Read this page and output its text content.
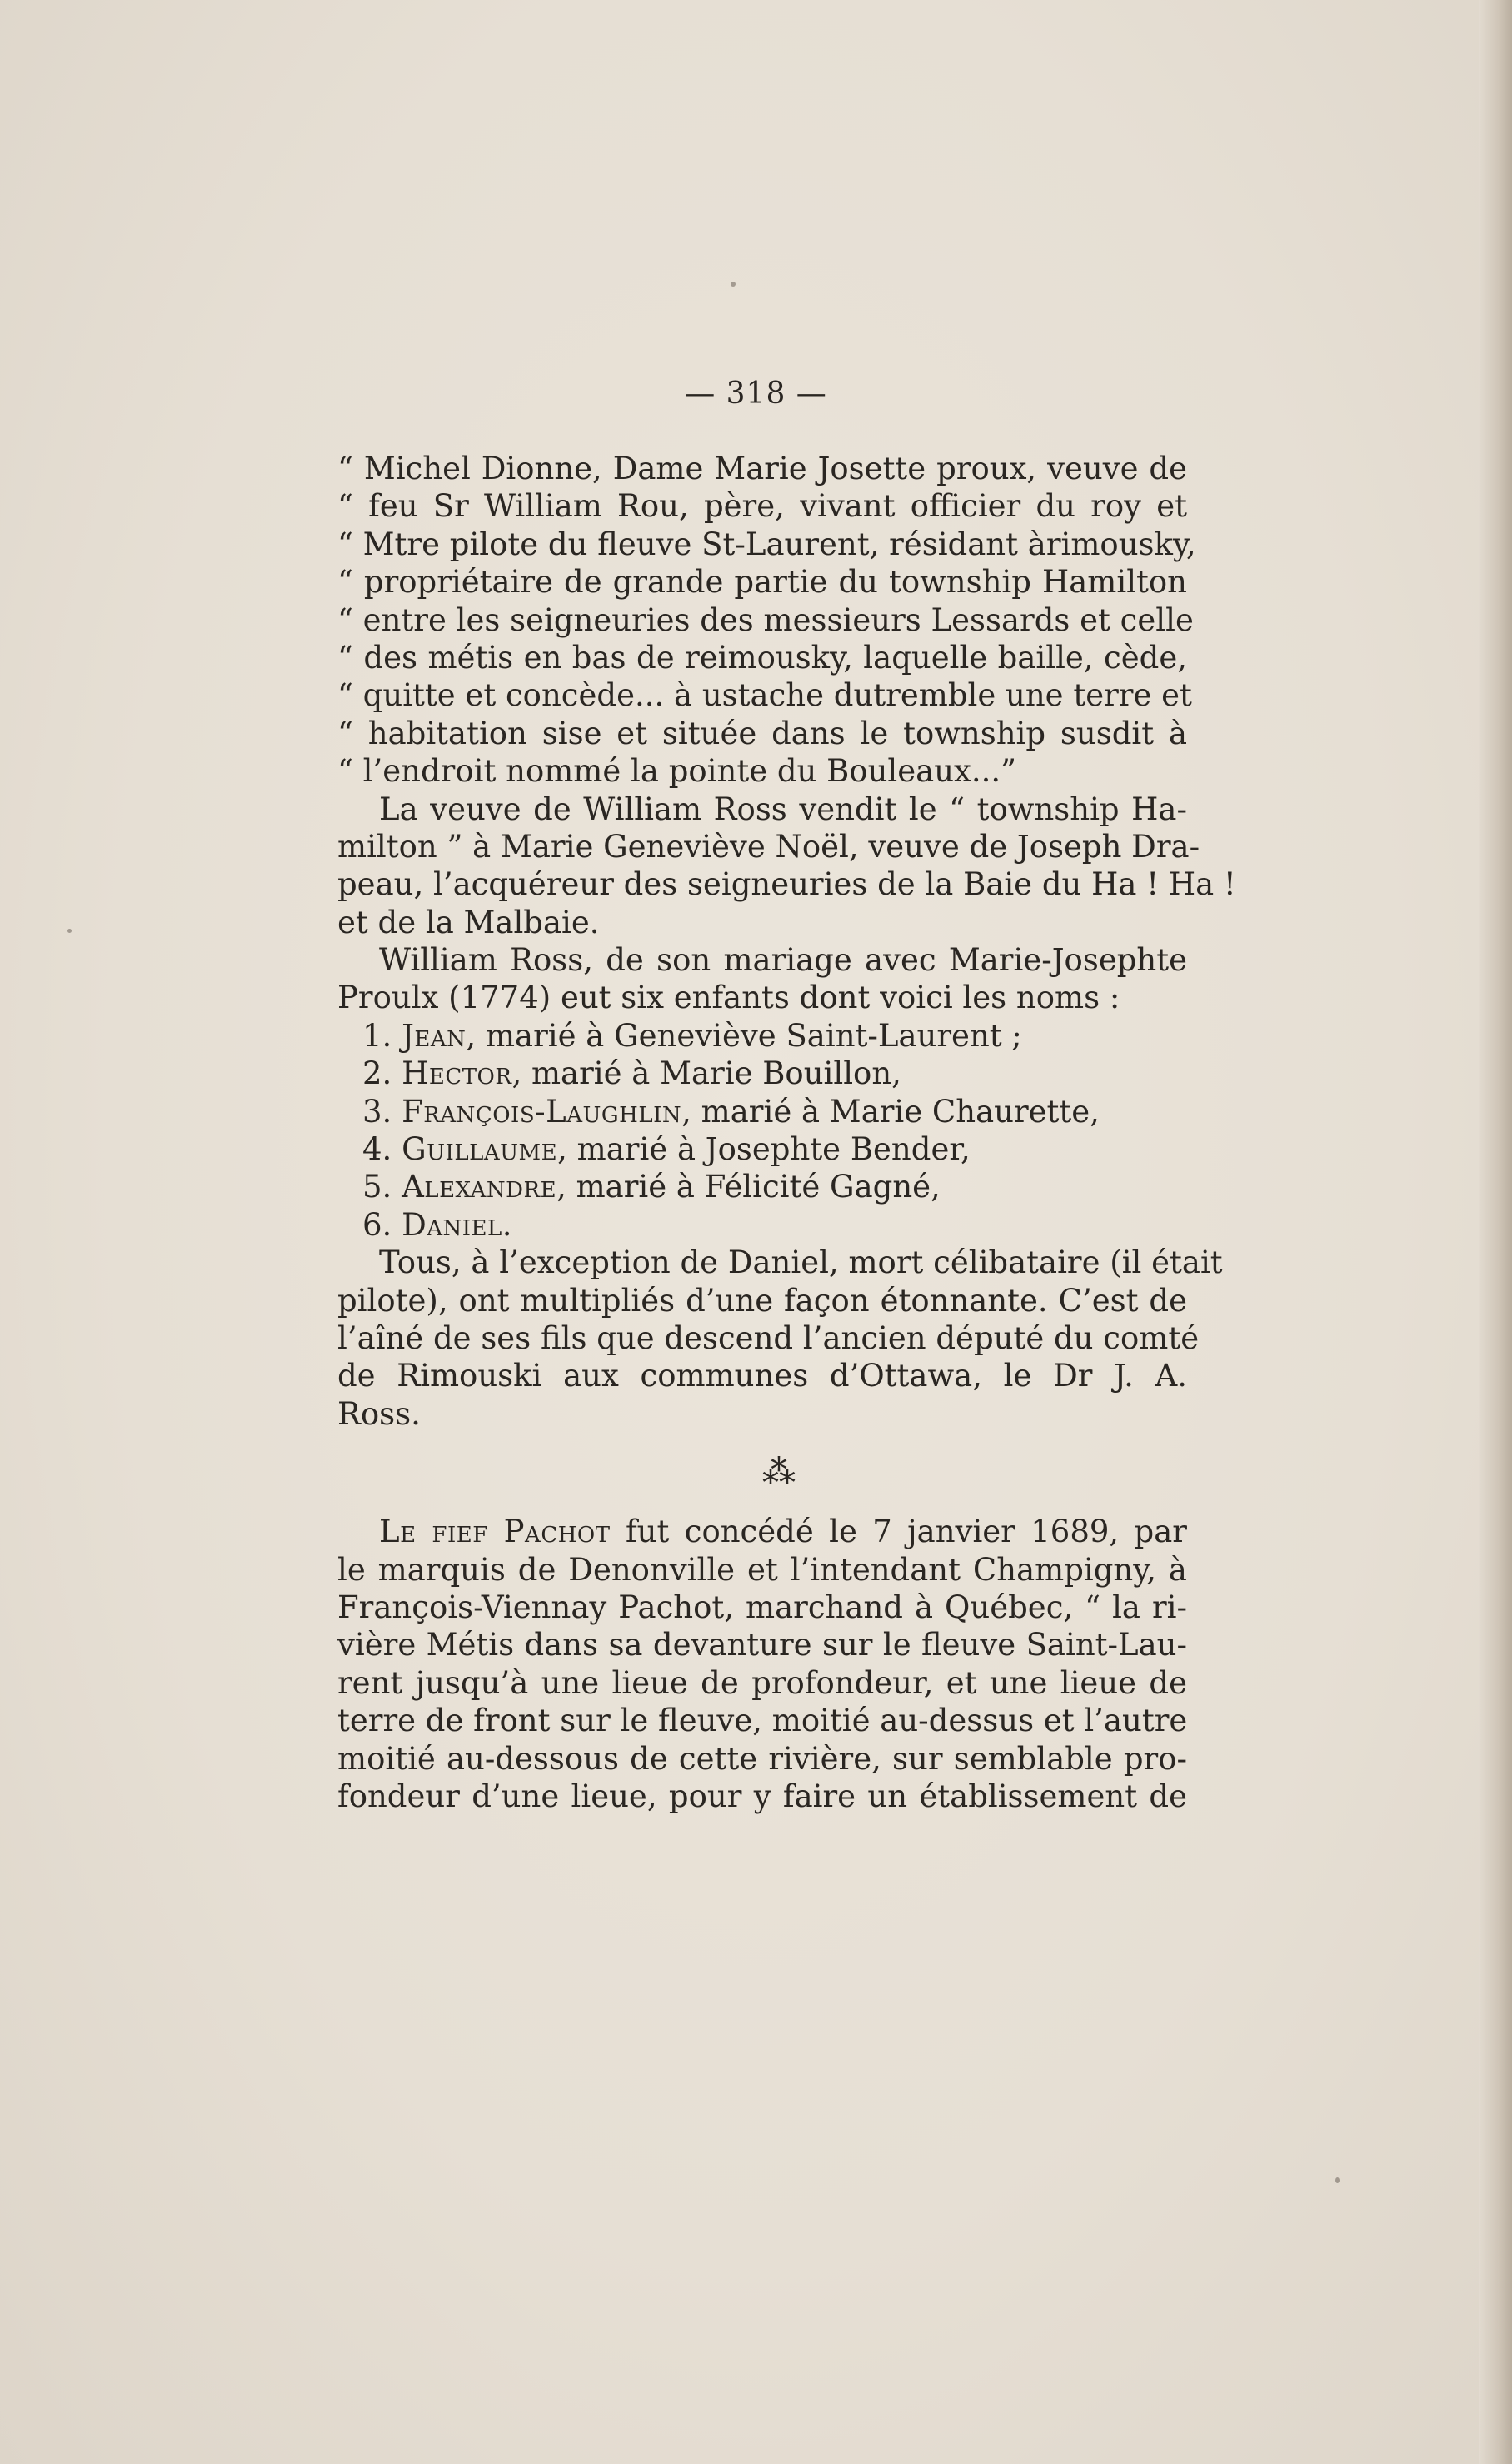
— 318 —
“ Michel Dionne, Dame Marie Josette proux, veuve de
“ feu Sr William Rou, père, vivant officier du roy et
“ Mtre pilote du fleuve St-Laurent, résidant àrimousky,
“ propriétaire de grande partie du township Hamilton
“ entre les seigneuries des messieurs Lessards et celle
“ des métis en bas de reimousky, laquelle baille, cède,
“ quitte et concède... à ustache dutremble une terre et
“ habitation sise et située dans le township susdit à
“ l’endroit nommé la pointe du Bouleaux...”
La veuve de William Ross vendit le “ township Ha-
milton ” à Marie Geneviève Noël, veuve de Joseph Dra-
peau, l’acquéreur des seigneuries de la Baie du Ha ! Ha !
et de la Malbaie.
William Ross, de son mariage avec Marie-Josephte
Proulx (1774) eut six enfants dont voici les noms :
1. Jean, marié à Geneviève Saint-Laurent ;
2. Hector, marié à Marie Bouillon,
3. François-Laughlin, marié à Marie Chaurette,
4. Guillaume, marié à Josephte Bender,
5. Alexandre, marié à Félicité Gagné,
6. Daniel.
Tous, à l’exception de Daniel, mort célibataire (il était
pilote), ont multipliés d’une façon étonnante. C’est de
l’aîné de ses fils que descend l’ancien député du comté
de Rimouski aux communes d’Ottawa, le Dr J. A.
Ross.
⁂
Le fief Pachot fut concédé le 7 janvier 1689, par
le marquis de Denonville et l’intendant Champigny, à
François-Viennay Pachot, marchand à Québec, “ la ri-
vière Métis dans sa devanture sur le fleuve Saint-Lau-
rent jusqu’à une lieue de profondeur, et une lieue de
terre de front sur le fleuve, moitié au-dessus et l’autre
moitié au-dessous de cette rivière, sur semblable pro-
fondeur d’une lieue, pour y faire un établissement de
